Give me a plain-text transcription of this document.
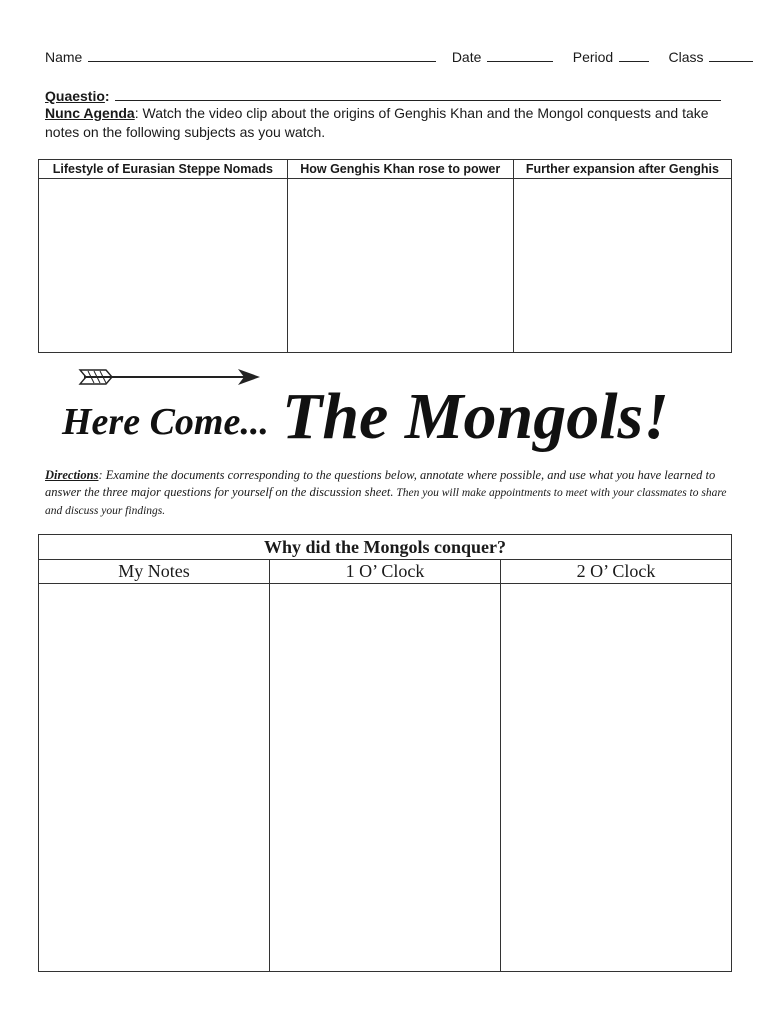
Name	Date	Period	Class
Quaestio:
Nunc Agenda: Watch the video clip about the origins of Genghis Khan and the Mongol conquests and take notes on the following subjects as you watch.
Lifestyle of Eurasian Steppe Nomads	How Genghis Khan rose to power	Further expansion after Genghis

Here Come... The Mongols!
Directions: Examine the documents corresponding to the questions below, annotate where possible, and use what you have learned to answer the three major questions for yourself on the discussion sheet. Then you will make appointments to meet with your classmates to share and discuss your findings.
Why did the Mongols conquer?		
My Notes	1 O’ Clock	2 O’ Clock
